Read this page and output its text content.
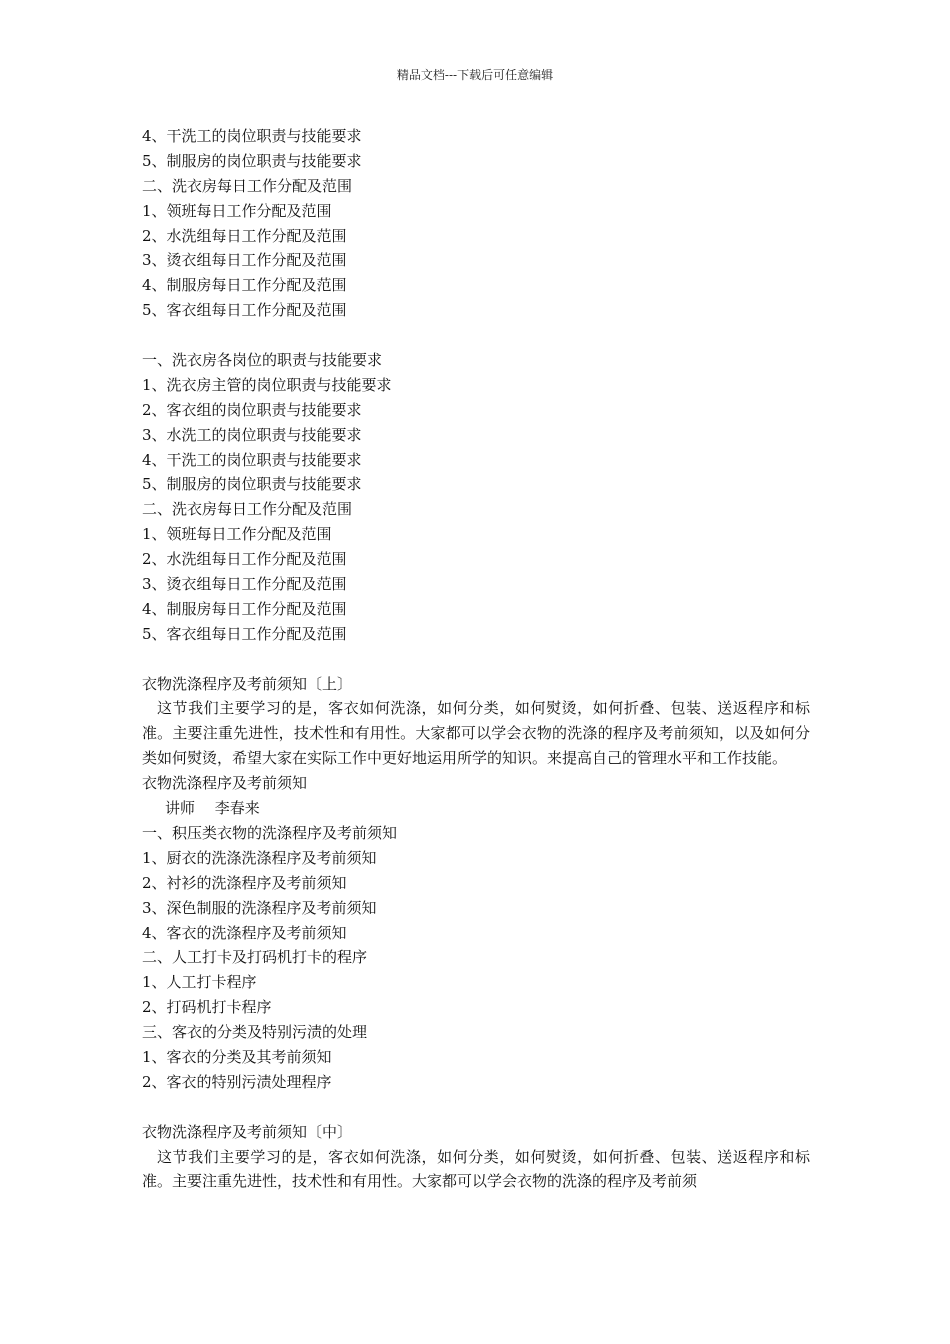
精品文档---下载后可任意编辑
4、干洗工的岗位职责与技能要求
5、制服房的岗位职责与技能要求
二、洗衣房每日工作分配及范围
1、领班每日工作分配及范围
2、水洗组每日工作分配及范围
3、烫衣组每日工作分配及范围
4、制服房每日工作分配及范围
5、客衣组每日工作分配及范围
一、洗衣房各岗位的职责与技能要求
1、洗衣房主管的岗位职责与技能要求
2、客衣组的岗位职责与技能要求
3、水洗工的岗位职责与技能要求
4、干洗工的岗位职责与技能要求
5、制服房的岗位职责与技能要求
二、洗衣房每日工作分配及范围
1、领班每日工作分配及范围
2、水洗组每日工作分配及范围
3、烫衣组每日工作分配及范围
4、制服房每日工作分配及范围
5、客衣组每日工作分配及范围
衣物洗涤程序及考前须知〔上〕
这节我们主要学习的是，客衣如何洗涤，如何分类，如何熨烫，如何折叠、包装、送返程序和标准。主要注重先进性，技术性和有用性。大家都可以学会衣物的洗涤的程序及考前须知，以及如何分类如何熨烫，希望大家在实际工作中更好地运用所学的知识。来提高自己的管理水平和工作技能。
衣物洗涤程序及考前须知
讲师　 李春来
一、积压类衣物的洗涤程序及考前须知
1、厨衣的洗涤洗涤程序及考前须知
2、衬衫的洗涤程序及考前须知
3、深色制服的洗涤程序及考前须知
4、客衣的洗涤程序及考前须知
二、人工打卡及打码机打卡的程序
1、人工打卡程序
2、打码机打卡程序
三、客衣的分类及特别污渍的处理
1、客衣的分类及其考前须知
2、客衣的特别污渍处理程序
衣物洗涤程序及考前须知〔中〕
这节我们主要学习的是，客衣如何洗涤，如何分类，如何熨烫，如何折叠、包装、送返程序和标准。主要注重先进性，技术性和有用性。大家都可以学会衣物的洗涤的程序及考前须
